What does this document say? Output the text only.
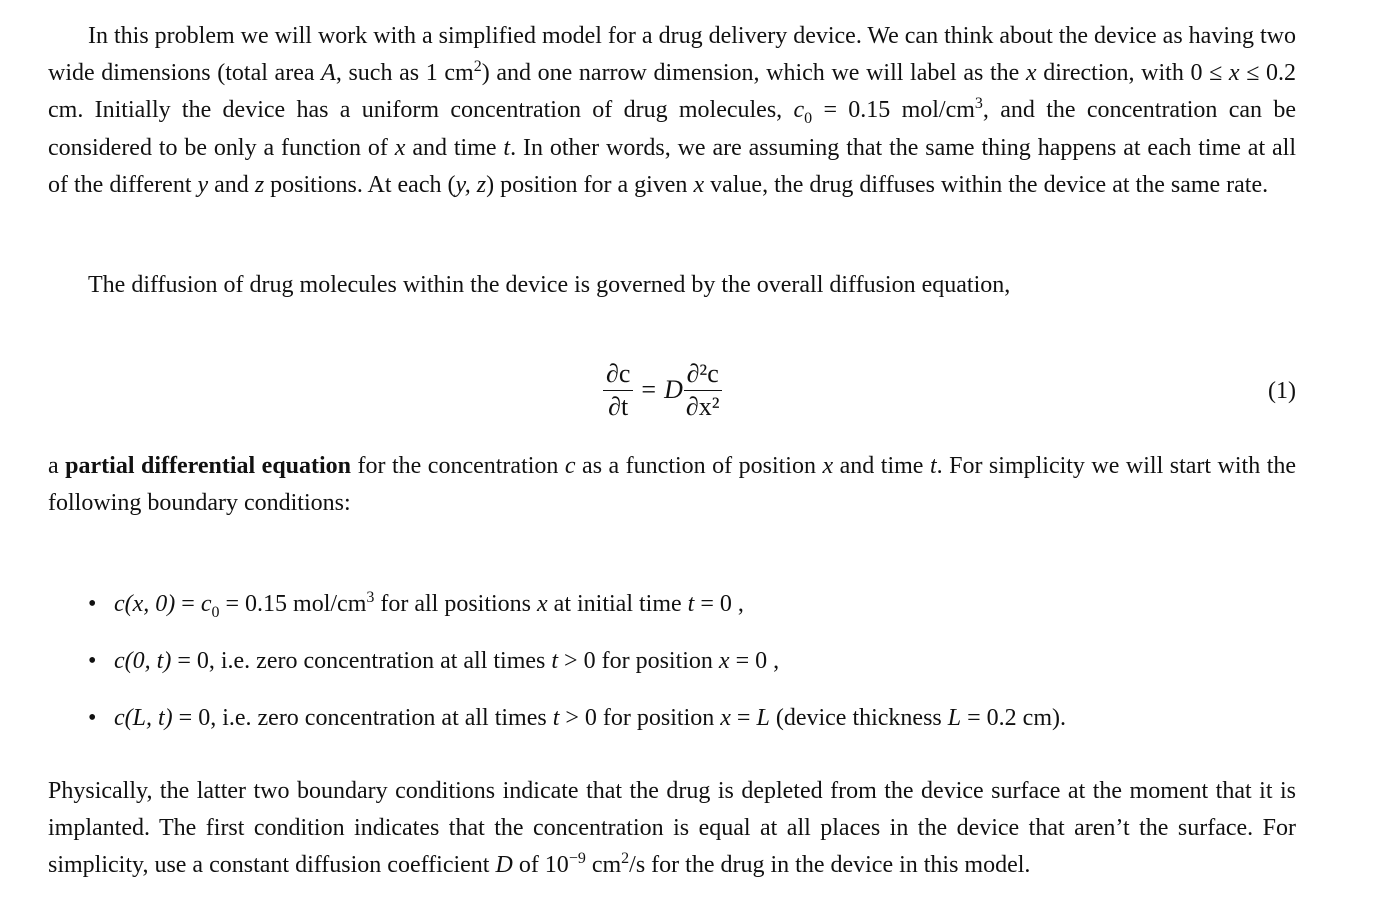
In this problem we will work with a simplified model for a drug delivery device. We can think about the device as having two wide dimensions (total area A, such as 1 $cm^2$) and one narrow dimension, which we will label as the x direction, with 0 ≤ x ≤ 0.2 cm. Initially the device has a uniform concentration of drug molecules, $c_0 = 0.15$ mol/$cm^3$, and the concentration can be considered to be only a function of x and time t. In other words, we are assuming that the same thing happens at each time at all of the different y and z positions. At each (y, z) position for a given x value, the drug diffuses within the device at the same rate.

The diffusion of drug molecules within the device is governed by the overall diffusion equation,

$\frac{\partial c}{\partial t} = D \frac{\text{∂²c}}{\text{∂x²}}$	(1)

a partial differential equation for the concentration c as a function of position x and time t. For simplicity we will start with the following boundary conditions:

• c(x, $0) = c_0 = 0.15$ mol/$cm^3$ for all positions x at initial time t = 0 ,
• c(0, t) = 0, i.e. zero concentration at all times t > 0 for position x = 0 ,
• c(L, t) = 0, i.e. zero concentration at all times t > 0 for position x = L (device thickness L = 0.2 cm).

Physically, the latter two boundary conditions indicate that the drug is depleted from the device surface at the moment that it is implanted. The first condition indicates that the concentration is equal at all places in the device that aren’t the surface. For simplicity, use a constant diffusion coefficient D of $10^{-9}$ $cm^2/s$ for the drug in the device in this model.
